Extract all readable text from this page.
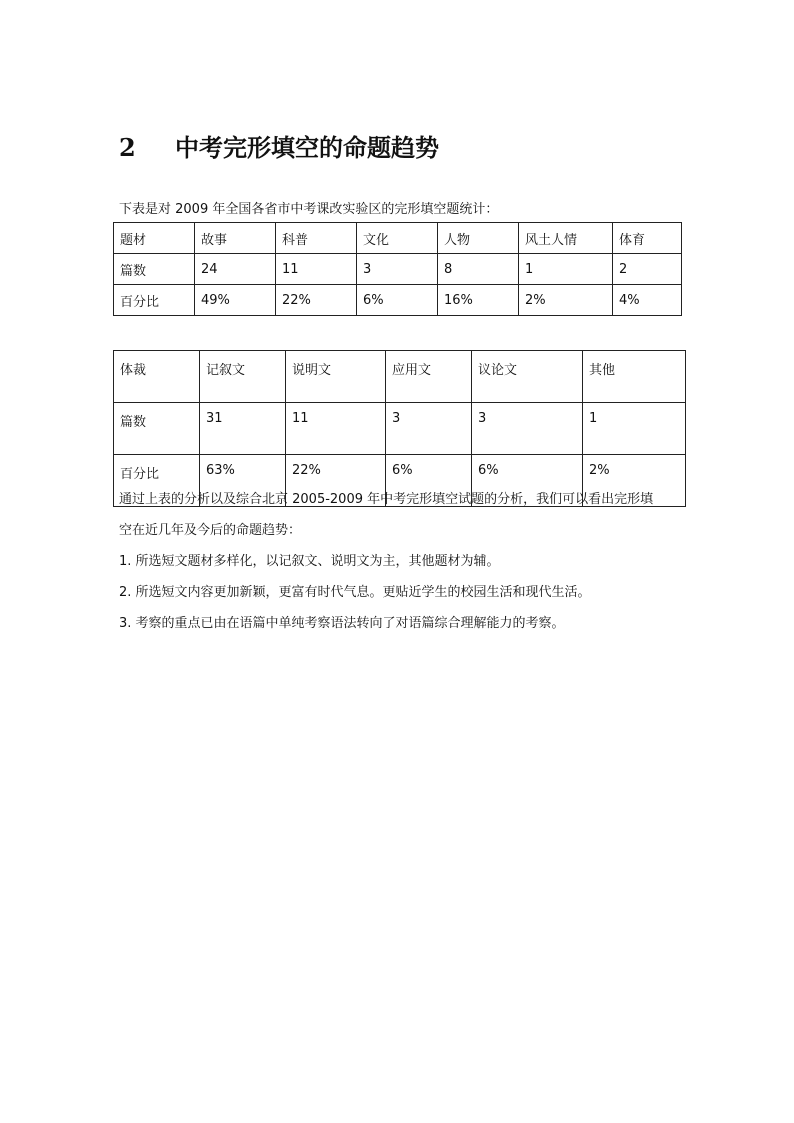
2 中考完形填空的命题趋势
下表是对 2009 年全国各省市中考课改实验区的完形填空题统计：
题材	故事	科普	文化	人物	风土人情	体育
篇数	24	11	3	8	1	2
百分比	49%	22%	6%	16%	2%	4%
体裁	记叙文	说明文	应用文	议论文	其他
篇数	31	11	3	3	1
百分比	63%	22%	6%	6%	2%
通过上表的分析以及综合北京 2005-2009 年中考完形填空试题的分析，我们可以看出完形填
空在近几年及今后的命题趋势：
1. 所选短文题材多样化，以记叙文、说明文为主，其他题材为辅。
2. 所选短文内容更加新颖，更富有时代气息。更贴近学生的校园生活和现代生活。
3. 考察的重点已由在语篇中单纯考察语法转向了对语篇综合理解能力的考察。
